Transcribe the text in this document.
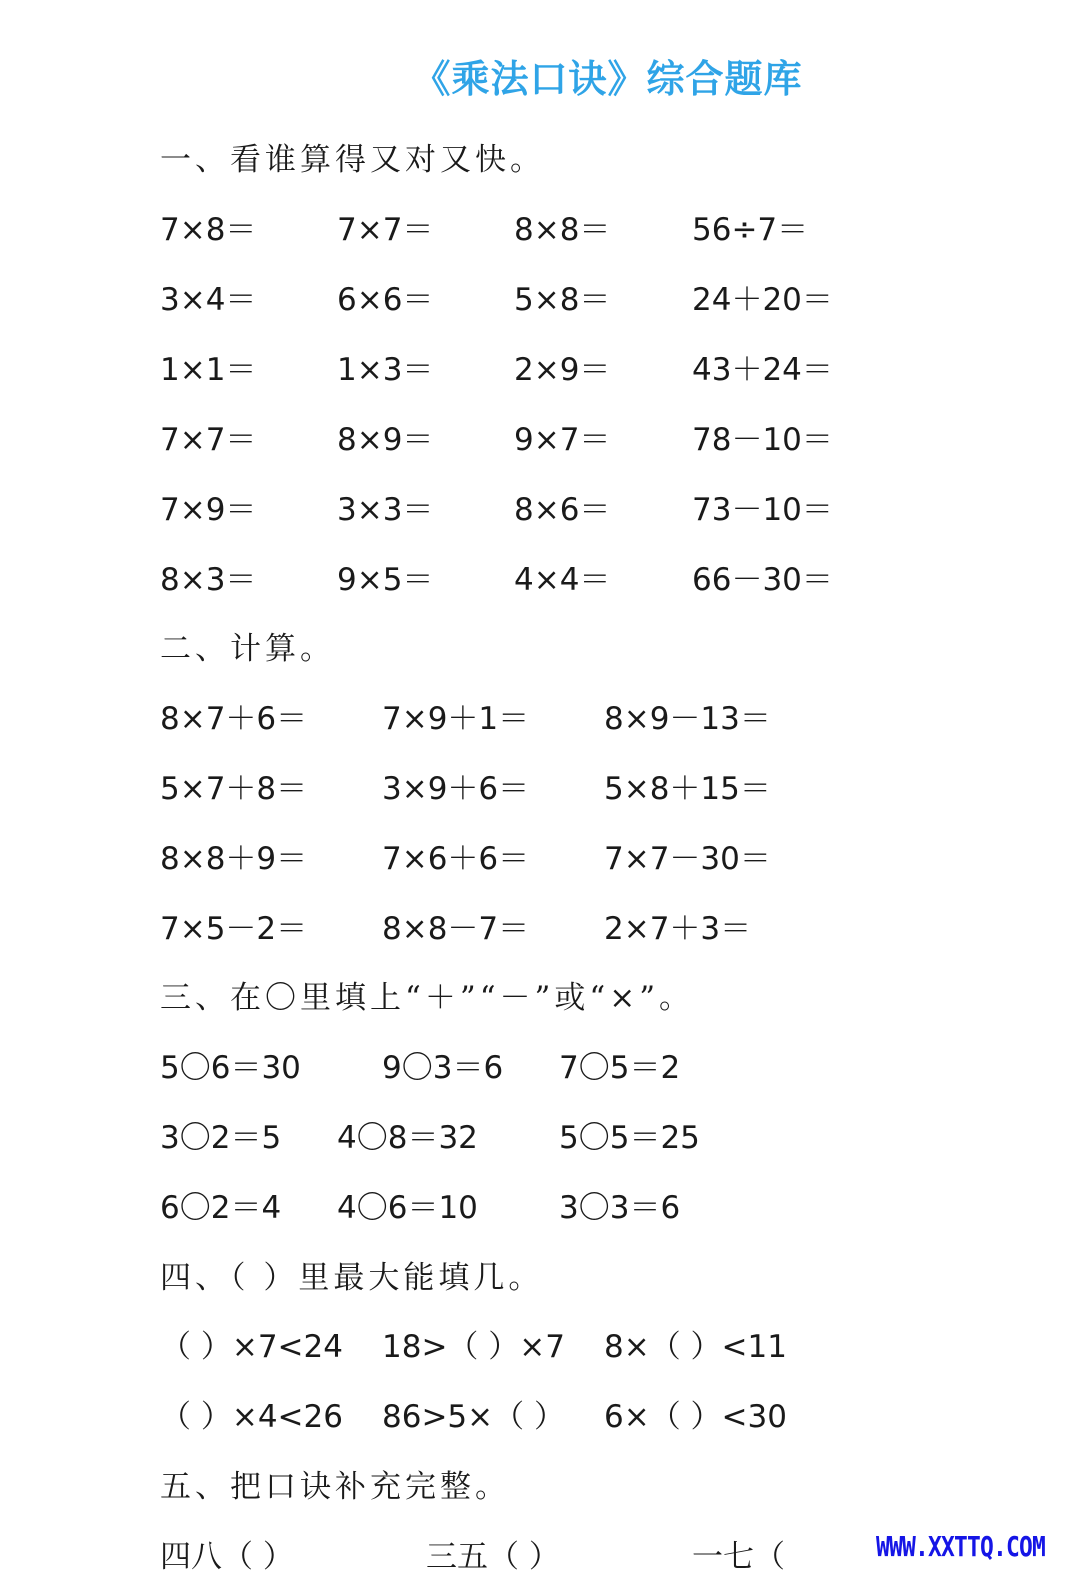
《乘法口诀》综合题库
一、看谁算得又对又快。
7×8＝	7×7＝	8×8＝	56÷7＝
3×4＝	6×6＝	5×8＝	24＋20＝
1×1＝	1×3＝	2×9＝	43＋24＝
7×7＝	8×9＝	9×7＝	78－10＝
7×9＝	3×3＝	8×6＝	73－10＝
8×3＝	9×5＝	4×4＝	66－30＝
二、计算。
8×7＋6＝ 7×9＋1＝ 8×9－13＝
5×7＋8＝ 3×9＋6＝ 5×8＋15＝
8×8＋9＝ 7×6＋6＝ 7×7－30＝
7×5－2＝ 8×8－7＝ 2×7＋3＝
三、在〇里填上“＋”“－”或“×”。
5〇6＝30	9〇3＝6 7〇5＝2
3〇2＝5 4〇8＝32	5〇5＝25
6〇2＝4 4〇6＝10	3〇3＝6
四、（ ）里最大能填几。
（ ）×7<24 18>（ ）×7 8×（ ）<11
（ ）×4<26 86>5×（ ） 6×（ ）<30
五、把口诀补充完整。
四八（ ）	三五（ ）	一七（	WWW.XXTTQ.COM
